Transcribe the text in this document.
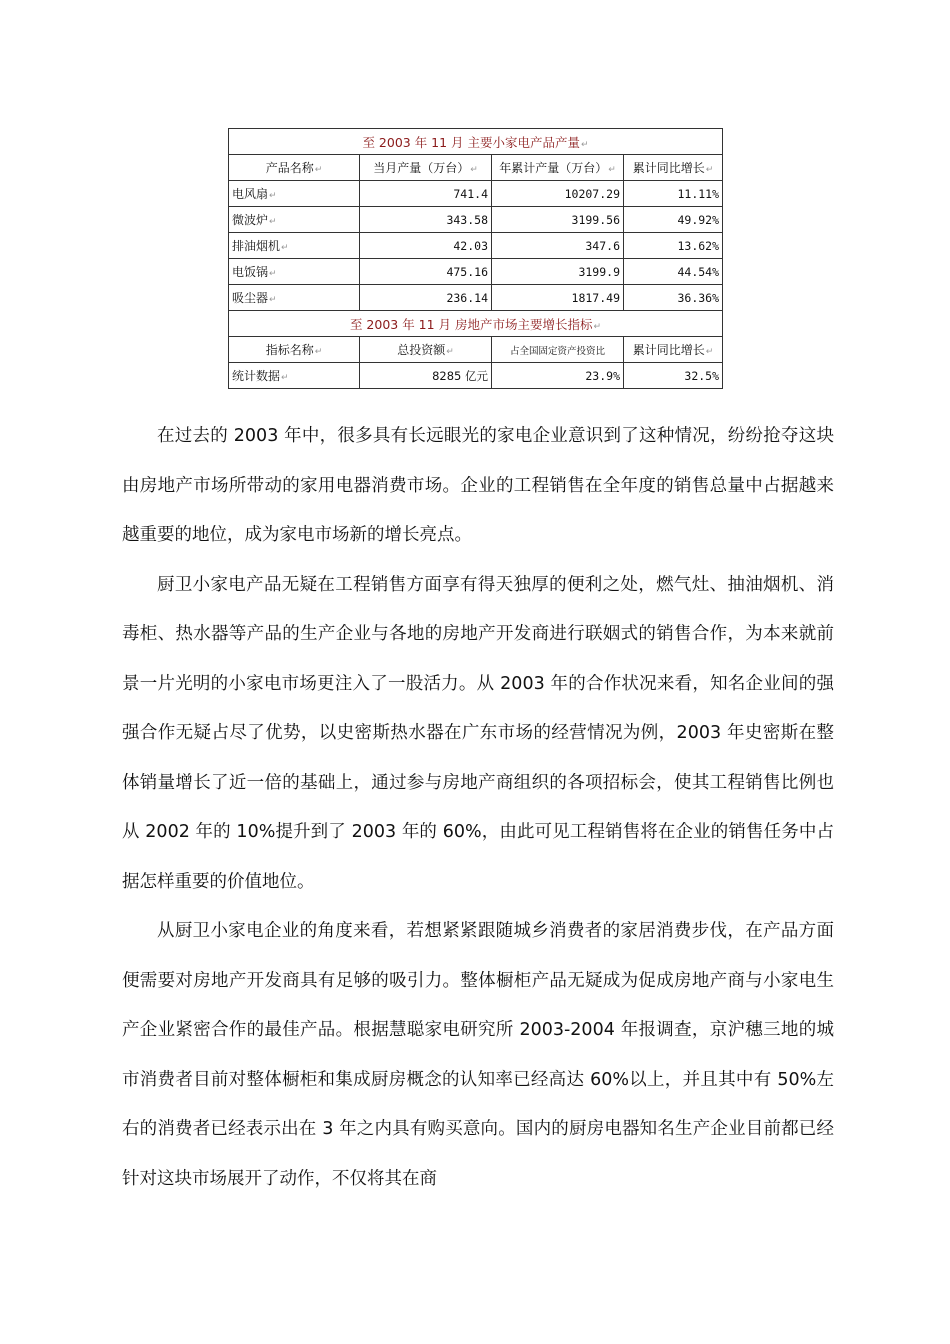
至 2003 年 11 月 主要小家电产品产量↵			
产品名称↵	当月产量（万台）↵	年累计产量（万台）↵	累计同比增长↵
电风扇↵	741.4	10207.29	11.11%
微波炉↵	343.58	3199.56	49.92%
排油烟机↵	42.03	347.6	13.62%
电饭锅↵	475.16	3199.9	44.54%
吸尘器↵	236.14	1817.49	36.36%
至 2003 年 11 月 房地产市场主要增长指标↵			
指标名称↵	总投资额↵	占全国固定资产投资比	累计同比增长↵
统计数据↵	8285 亿元	23.9%	32.5%

在过去的 2003 年中，很多具有长远眼光的家电企业意识到了这种情况，纷纷抢夺这块由房地产市场所带动的家用电器消费市场。企业的工程销售在全年度的销售总量中占据越来越重要的地位，成为家电市场新的增长亮点。

厨卫小家电产品无疑在工程销售方面享有得天独厚的便利之处，燃气灶、抽油烟机、消毒柜、热水器等产品的生产企业与各地的房地产开发商进行联姻式的销售合作，为本来就前景一片光明的小家电市场更注入了一股活力。从 2003 年的合作状况来看，知名企业间的强强合作无疑占尽了优势，以史密斯热水器在广东市场的经营情况为例，2003 年史密斯在整体销量增长了近一倍的基础上，通过参与房地产商组织的各项招标会，使其工程销售比例也从 2002 年的 10%提升到了 2003 年的 60%，由此可见工程销售将在企业的销售任务中占据怎样重要的价值地位。

从厨卫小家电企业的角度来看，若想紧紧跟随城乡消费者的家居消费步伐，在产品方面便需要对房地产开发商具有足够的吸引力。整体橱柜产品无疑成为促成房地产商与小家电生产企业紧密合作的最佳产品。根据慧聪家电研究所 2003-2004 年报调查，京沪穗三地的城市消费者目前对整体橱柜和集成厨房概念的认知率已经高达 60%以上，并且其中有 50%左右的消费者已经表示出在 3 年之内具有购买意向。国内的厨房电器知名生产企业目前都已经针对这块市场展开了动作，不仅将其在商
